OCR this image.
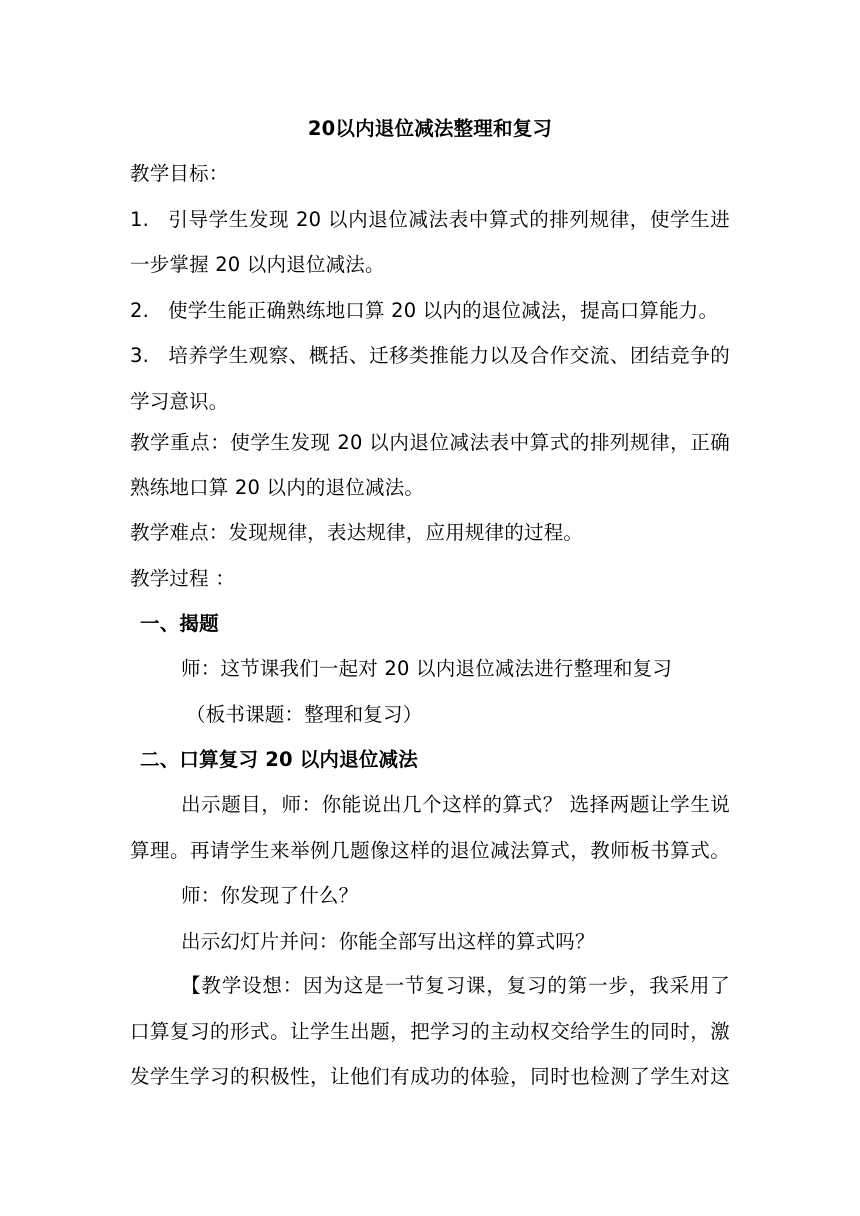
20以内退位减法整理和复习
教学目标：
1. 引导学生发现 20 以内退位减法表中算式的排列规律，使学生进
一步掌握 20 以内退位减法。
2. 使学生能正确熟练地口算 20 以内的退位减法，提高口算能力。
3. 培养学生观察、概括、迁移类推能力以及合作交流、团结竞争的
学习意识。
教学重点：使学生发现 20 以内退位减法表中算式的排列规律，正确
熟练地口算 20 以内的退位减法。
教学难点：发现规律，表达规律，应用规律的过程。
教学过程 ：
一、揭题
师：这节课我们一起对 20 以内退位减法进行整理和复习
（板书课题：整理和复习）
二、口算复习 20 以内退位减法
出示题目，师：你能说出几个这样的算式？ 选择两题让学生说
算理。再请学生来举例几题像这样的退位减法算式，教师板书算式。
师：你发现了什么？
出示幻灯片并问：你能全部写出这样的算式吗？
【教学设想：因为这是一节复习课，复习的第一步，我采用了
口算复习的形式。让学生出题，把学习的主动权交给学生的同时，激
发学生学习的积极性，让他们有成功的体验，同时也检测了学生对这
